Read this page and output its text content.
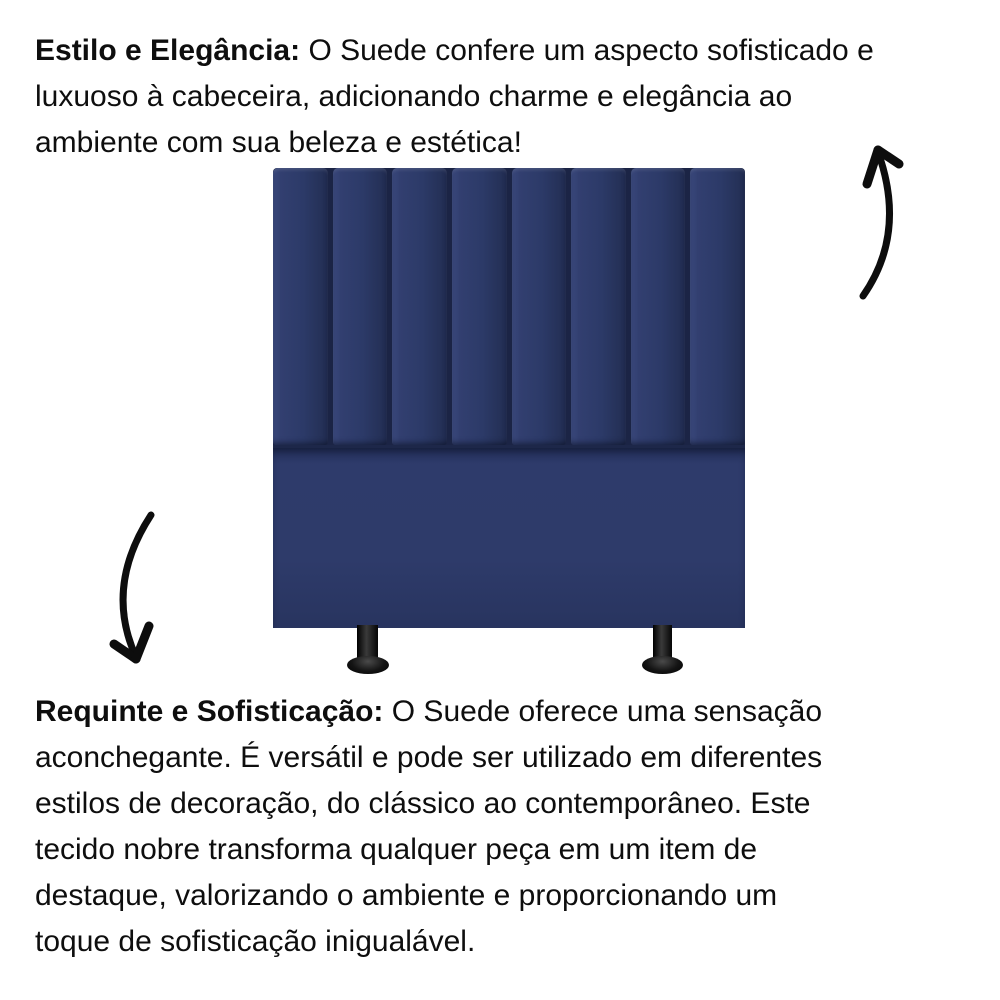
Estilo e Elegância: O Suede confere um aspecto sofisticado e
luxuoso à cabeceira, adicionando charme e elegância ao
ambiente com sua beleza e estética!

Requinte e Sofisticação: O Suede oferece uma sensação
aconchegante. É versátil e pode ser utilizado em diferentes
estilos de decoração, do clássico ao contemporâneo. Este
tecido nobre transforma qualquer peça em um item de
destaque, valorizando o ambiente e proporcionando um
toque de sofisticação inigualável.
